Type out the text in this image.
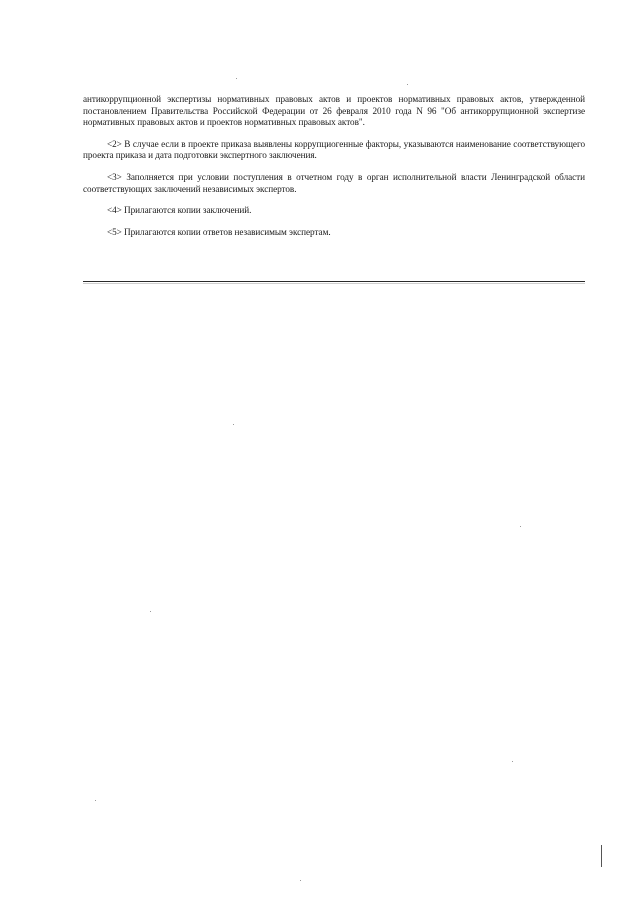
антикоррупционной экспертизы нормативных правовых актов и проектов нормативных правовых актов, утвержденной постановлением Правительства Российской Федерации от 26 февраля 2010 года N 96 "Об антикоррупционной экспертизе нормативных правовых актов и проектов нормативных правовых актов".

<2> В случае если в проекте приказа выявлены коррупциогенные факторы, указываются наименование соответствующего проекта приказа и дата подготовки экспертного заключения.

<3> Заполняется при условии поступления в отчетном году в орган исполнительной власти Ленинградской области соответствующих заключений независимых экспертов.

<4> Прилагаются копии заключений.

<5> Прилагаются копии ответов независимым экспертам.
